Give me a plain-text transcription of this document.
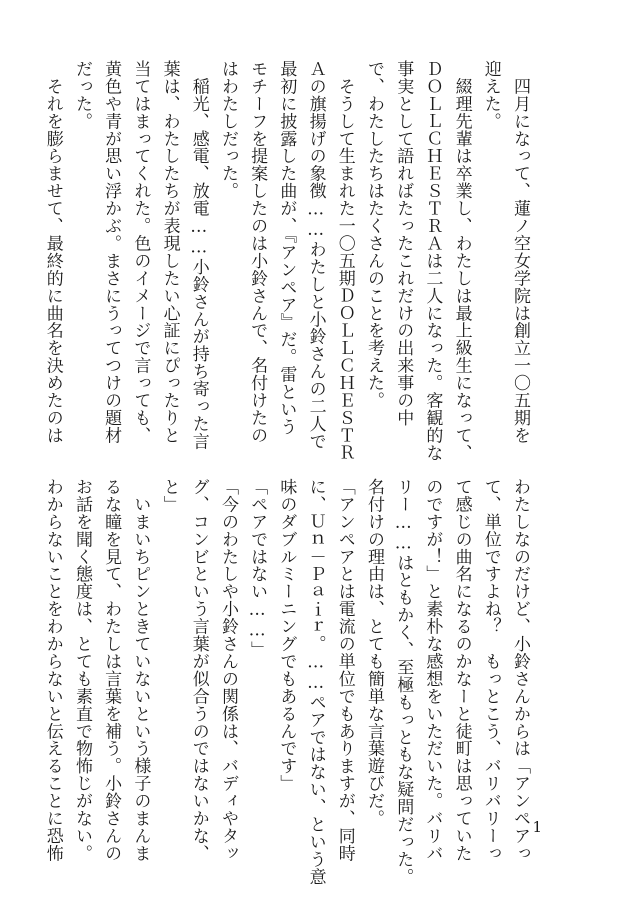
　四月になって、蓮ノ空女学院は創立一〇五期を
迎えた。
　綴理先輩は卒業し、わたしは最上級生になって、
ＤＯＬＬＣＨＥＳＴＲＡは二人になった。客観的な
事実として語ればたったこれだけの出来事の中
で、わたしたちはたくさんのことを考えた。
　そうして生まれた一〇五期ＤＯＬＬＣＨＥＳＴＲ
Ａの旗揚げの象徴……わたしと小鈴さんの二人で
最初に披露した曲が、『アンペア』だ。雷という
モチーフを提案したのは小鈴さんで、名付けたの
はわたしだった。
　稲光、感電、放電……小鈴さんが持ち寄った言
葉は、わたしたちが表現したい心証にぴったりと
当てはまってくれた。色のイメージで言っても、
黄色や青が思い浮かぶ。まさにうってつけの題材
だった。
　それを膨らませて、最終的に曲名を決めたのは

わたしなのだけど、小鈴さんからは「アンペアっ
て、単位ですよね？　もっとこう、バリバリーっ
て感じの曲名になるのかなーと徒町は思っていた
のですが！」と素朴な感想をいただいた。バリバ
リー……はともかく、至極もっともな疑問だった。
名付けの理由は、とても簡単な言葉遊びだ。
「アンペアとは電流の単位でもありますが、同時
に、Ｕｎ－Ｐａｉｒ。……ペアではない、という意
味のダブルミーニングでもあるんです」
「ペアではない……」
「今のわたしや小鈴さんの関係は、バディやタッ
グ、コンビという言葉が似合うのではないかな、
と」
　いまいちピンときていないという様子のまんま
るな瞳を見て、わたしは言葉を補う。小鈴さんの
お話を聞く態度は、とても素直で物怖じがない。
わからないことをわからないと伝えることに恐怖	1
